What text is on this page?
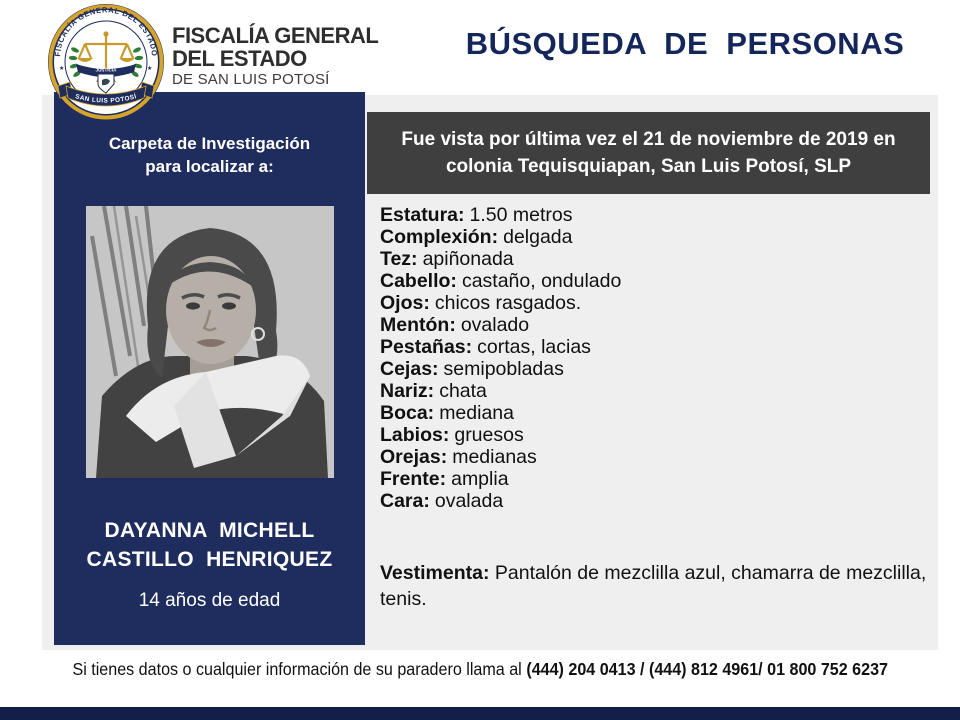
FISCALÍA GENERAL DEL ESTADO
★	★
JUSTICIA
SAN LUIS POTOSÍ
FISCALÍA GENERAL
DEL ESTADO
DE SAN LUIS POTOSÍ
BÚSQUEDA DE PERSONAS
Carpeta de Investigación
para localizar a:
DAYANNA MICHELL
CASTILLO HENRIQUEZ
14 años de edad
Fue vista por última vez el 21 de noviembre de 2019 en
colonia Tequisquiapan, San Luis Potosí, SLP
Estatura: 1.50 metros
Complexión: delgada
Tez: apiñonada
Cabello: castaño, ondulado
Ojos: chicos rasgados.
Mentón: ovalado
Pestañas: cortas, lacias
Cejas: semipobladas
Nariz: chata
Boca: mediana
Labios: gruesos
Orejas: medianas
Frente: amplia
Cara: ovalada
Vestimenta: Pantalón de mezclilla azul, chamarra de mezclilla, tenis.
Si tienes datos o cualquier información de su paradero llama al (444) 204 0413 / (444) 812 4961/ 01 800 752 6237
